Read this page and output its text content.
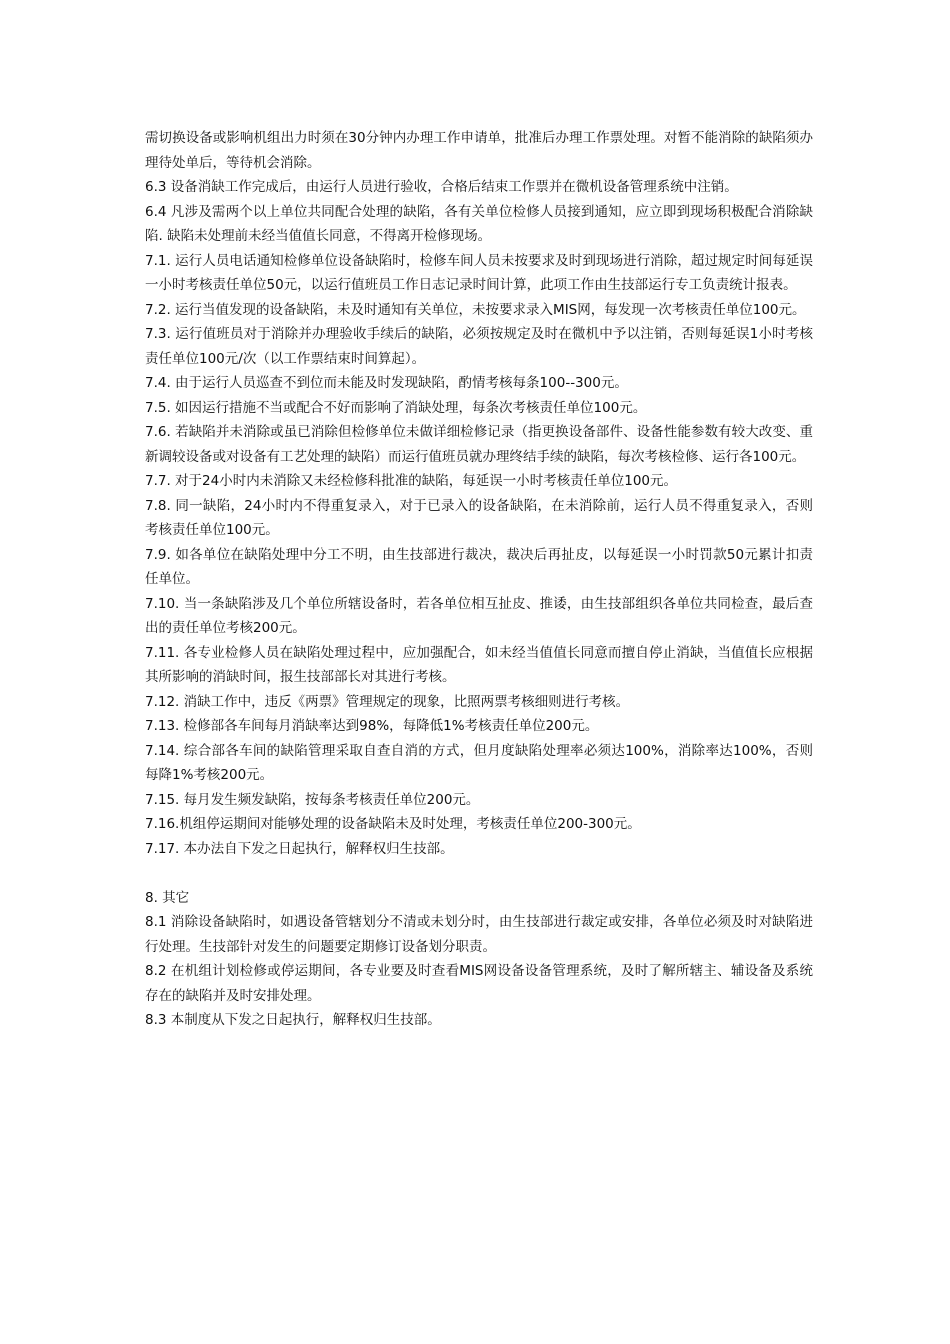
需切换设备或影响机组出力时须在30分钟内办理工作申请单，批准后办理工作票处理。对暂不能消除的缺陷须办理待处单后，等待机会消除。

6.3 设备消缺工作完成后，由运行人员进行验收，合格后结束工作票并在微机设备管理系统中注销。

6.4 凡涉及需两个以上单位共同配合处理的缺陷，各有关单位检修人员接到通知，应立即到现场积极配合消除缺陷. 缺陷未处理前未经当值值长同意，不得离开检修现场。

7.1. 运行人员电话通知检修单位设备缺陷时，检修车间人员未按要求及时到现场进行消除，超过规定时间每延误一小时考核责任单位50元，以运行值班员工作日志记录时间计算，此项工作由生技部运行专工负责统计报表。

7.2. 运行当值发现的设备缺陷，未及时通知有关单位，未按要求录入MIS网，每发现一次考核责任单位100元。

7.3. 运行值班员对于消除并办理验收手续后的缺陷，必须按规定及时在微机中予以注销，否则每延误1小时考核责任单位100元/次（以工作票结束时间算起）。

7.4. 由于运行人员巡查不到位而未能及时发现缺陷，酌情考核每条100--300元。

7.5. 如因运行措施不当或配合不好而影响了消缺处理，每条次考核责任单位100元。

7.6. 若缺陷并未消除或虽已消除但检修单位未做详细检修记录（指更换设备部件、设备性能参数有较大改变、重新调较设备或对设备有工艺处理的缺陷）而运行值班员就办理终结手续的缺陷，每次考核检修、运行各100元。

7.7. 对于24小时内未消除又未经检修科批准的缺陷，每延误一小时考核责任单位100元。

7.8. 同一缺陷，24小时内不得重复录入，对于已录入的设备缺陷，在未消除前，运行人员不得重复录入，否则考核责任单位100元。

7.9. 如各单位在缺陷处理中分工不明，由生技部进行裁决，裁决后再扯皮，以每延误一小时罚款50元累计扣责任单位。

7.10. 当一条缺陷涉及几个单位所辖设备时，若各单位相互扯皮、推诿，由生技部组织各单位共同检查，最后查出的责任单位考核200元。

7.11. 各专业检修人员在缺陷处理过程中，应加强配合，如未经当值值长同意而擅自停止消缺，当值值长应根据其所影响的消缺时间，报生技部部长对其进行考核。

7.12. 消缺工作中，违反《两票》管理规定的现象，比照两票考核细则进行考核。

7.13. 检修部各车间每月消缺率达到98%，每降低1%考核责任单位200元。

7.14. 综合部各车间的缺陷管理采取自查自消的方式，但月度缺陷处理率必须达100%，消除率达100%，否则每降1%考核200元。

7.15. 每月发生频发缺陷，按每条考核责任单位200元。

7.16.机组停运期间对能够处理的设备缺陷未及时处理，考核责任单位200-300元。

7.17. 本办法自下发之日起执行，解释权归生技部。

8. 其它

8.1 消除设备缺陷时，如遇设备管辖划分不清或未划分时，由生技部进行裁定或安排，各单位必须及时对缺陷进行处理。生技部针对发生的问题要定期修订设备划分职责。

8.2 在机组计划检修或停运期间，各专业要及时查看MIS网设备设备管理系统，及时了解所辖主、辅设备及系统存在的缺陷并及时安排处理。

8.3 本制度从下发之日起执行，解释权归生技部。
